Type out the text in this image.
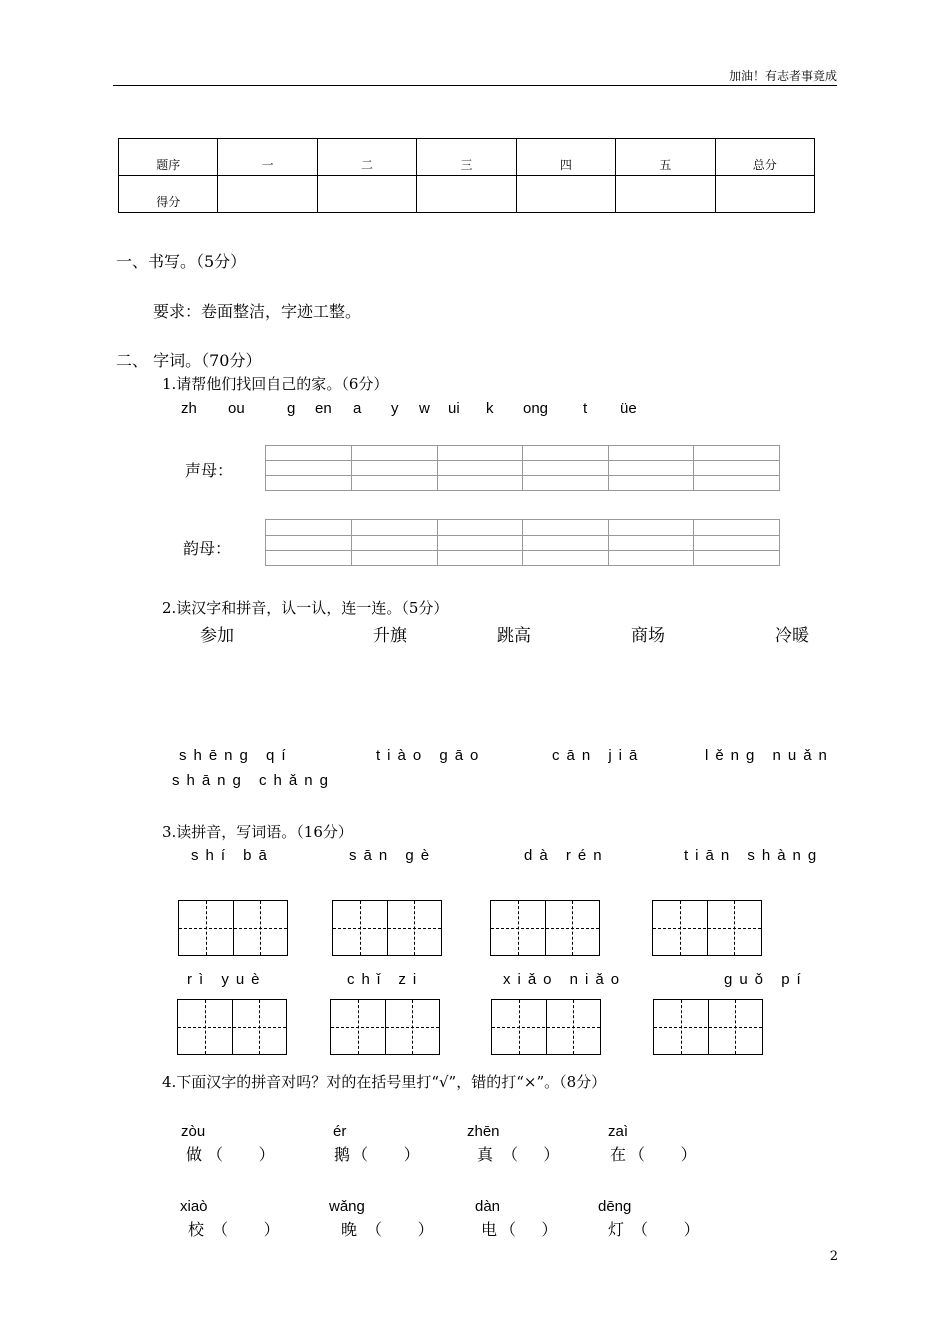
加油！有志者事竟成
题序	一	二	三	四	五	总分
得分						
一、书写。（5分）
要求：卷面整洁，字迹工整。
二、 字词。（70分）
1.请帮他们找回自己的家。（6分）
zh ou	g en a y w ui k ong t üe
声母：
韵母：
2.读汉字和拼音，认一认，连一连。（5分）
参加	升旗	跳高	商场	冷暖
shēng qí	tiào gāo	cān jiā	lěng nuǎn
shāng chǎng
3.读拼音，写词语。（16分）
shí bā	sān gè	dà rén	tiān shàng
rì yuè	chǐ zi	xiǎo niǎo	guǒ pí
4.下面汉字的拼音对吗？对的在括号里打“√”，错的打“×”。（8分）
zòu	ér	zhēn	zaì
做 （       ）	鹅 （       ）	真 （     ）	在 （       ）
xiaò	wǎng	dàn	dēng
校 （       ）	晚 （       ）	电 （     ）	灯 （       ）
2
